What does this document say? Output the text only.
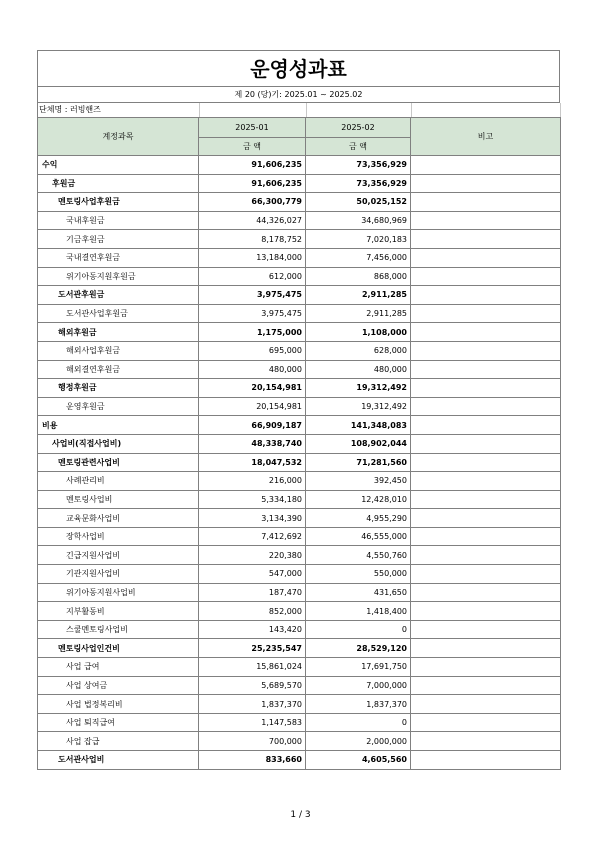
운영성과표
제 20 (당)기: 2025.01 ~ 2025.02
단체명 : 러빙핸즈
계정과목	2025-01	2025-02	비고
	금 액	금 액	
수익	91,606,235	73,356,929	
후원금	91,606,235	73,356,929	
멘토링사업후원금	66,300,779	50,025,152	
국내후원금	44,326,027	34,680,969	
기금후원금	8,178,752	7,020,183	
국내결연후원금	13,184,000	7,456,000	
위기아동지원후원금	612,000	868,000	
도서관후원금	3,975,475	2,911,285	
도서관사업후원금	3,975,475	2,911,285	
해외후원금	1,175,000	1,108,000	
해외사업후원금	695,000	628,000	
해외결연후원금	480,000	480,000	
행정후원금	20,154,981	19,312,492	
운영후원금	20,154,981	19,312,492	
비용	66,909,187	141,348,083	
사업비(직접사업비)	48,338,740	108,902,044	
멘토링관련사업비	18,047,532	71,281,560	
사례관리비	216,000	392,450	
멘토링사업비	5,334,180	12,428,010	
교육문화사업비	3,134,390	4,955,290	
장학사업비	7,412,692	46,555,000	
긴급지원사업비	220,380	4,550,760	
기관지원사업비	547,000	550,000	
위기아동지원사업비	187,470	431,650	
지부활동비	852,000	1,418,400	
스쿨멘토링사업비	143,420	0	
멘토링사업인건비	25,235,547	28,529,120	
사업 급여	15,861,024	17,691,750	
사업 상여금	5,689,570	7,000,000	
사업 법정복리비	1,837,370	1,837,370	
사업 퇴직급여	1,147,583	0	
사업 잡급	700,000	2,000,000	
도서관사업비	833,660	4,605,560	
1 / 3
